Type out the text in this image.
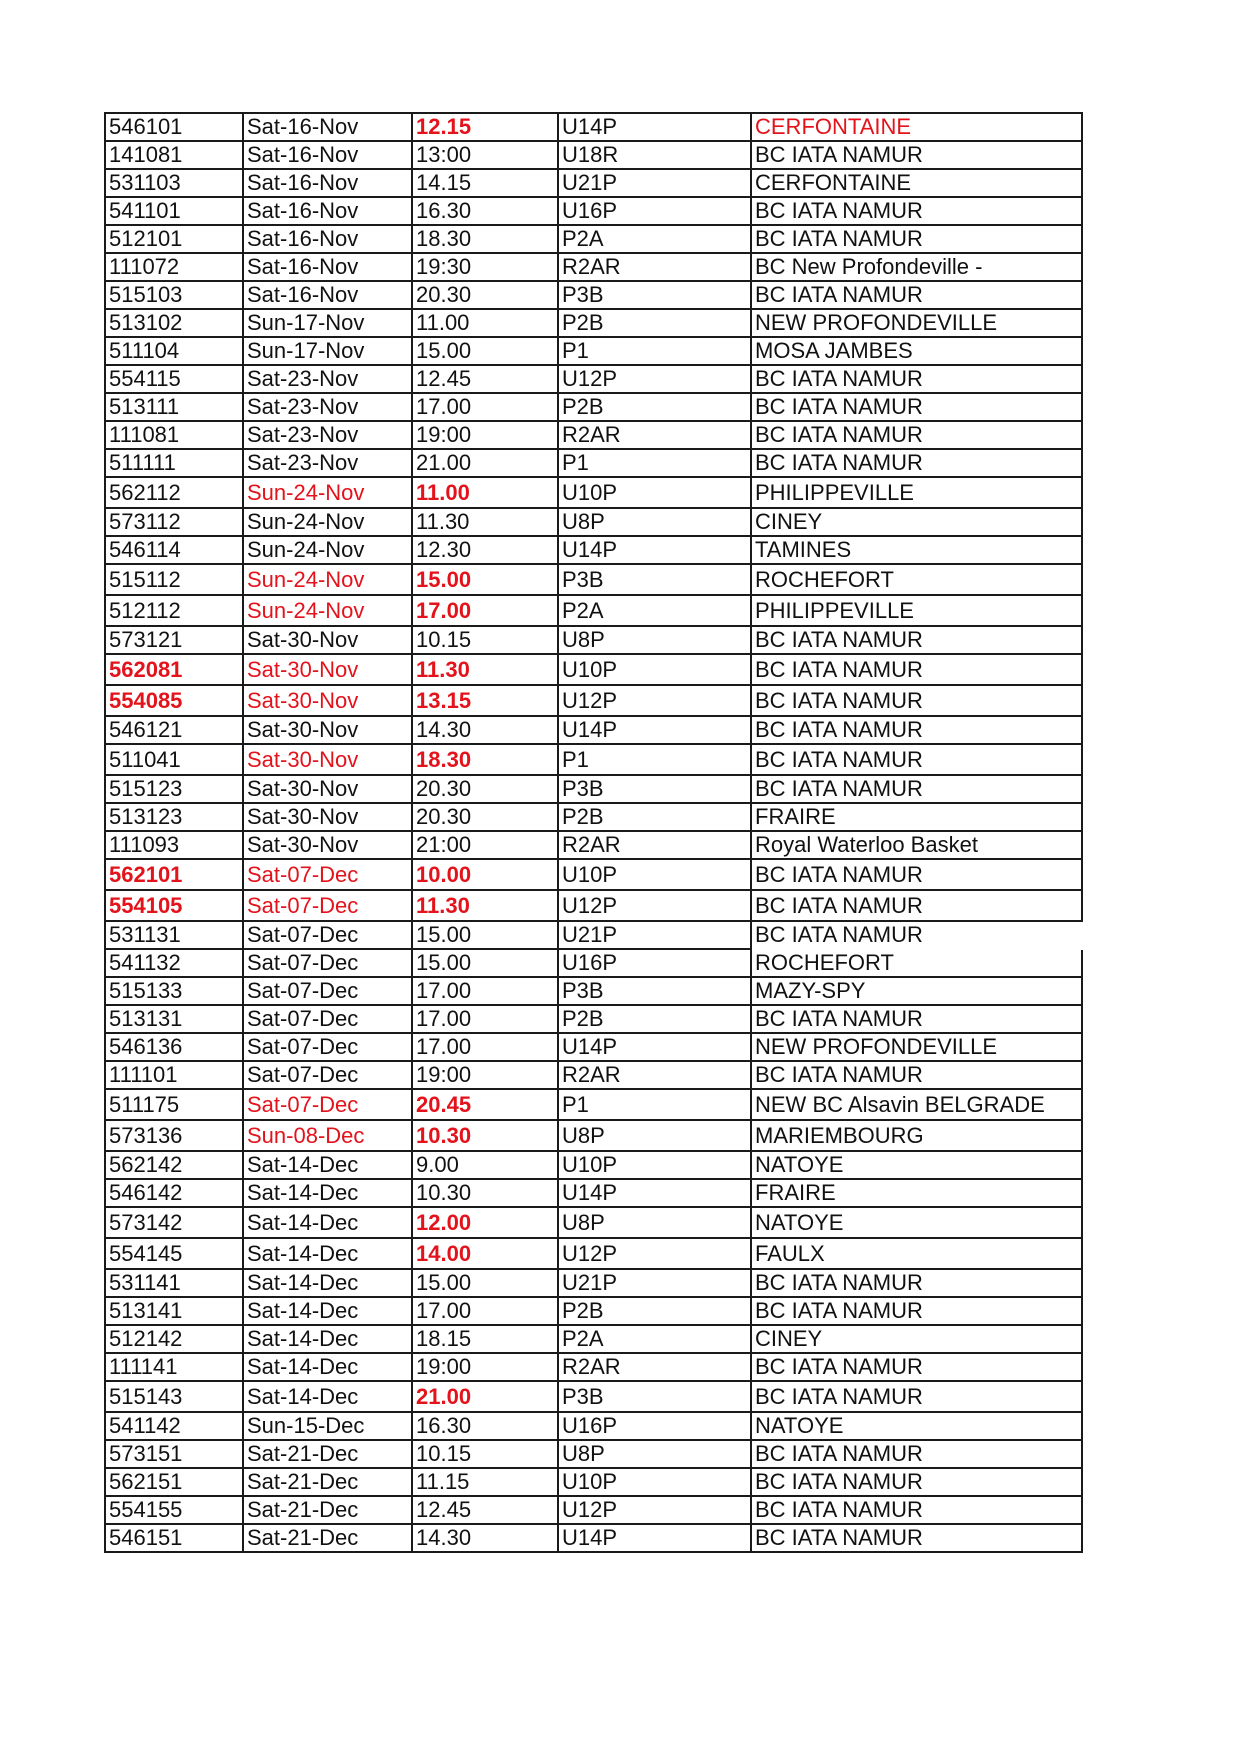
546101	Sat-16-Nov	12.15	U14P	CERFONTAINE
141081	Sat-16-Nov	13:00	U18R	BC IATA NAMUR
531103	Sat-16-Nov	14.15	U21P	CERFONTAINE
541101	Sat-16-Nov	16.30	U16P	BC IATA NAMUR
512101	Sat-16-Nov	18.30	P2A	BC IATA NAMUR
111072	Sat-16-Nov	19:30	R2AR	BC New Profondeville -
515103	Sat-16-Nov	20.30	P3B	BC IATA NAMUR
513102	Sun-17-Nov	11.00	P2B	NEW PROFONDEVILLE
511104	Sun-17-Nov	15.00	P1	MOSA JAMBES
554115	Sat-23-Nov	12.45	U12P	BC IATA NAMUR
513111	Sat-23-Nov	17.00	P2B	BC IATA NAMUR
111081	Sat-23-Nov	19:00	R2AR	BC IATA NAMUR
511111	Sat-23-Nov	21.00	P1	BC IATA NAMUR
562112	Sun-24-Nov	11.00	U10P	PHILIPPEVILLE
573112	Sun-24-Nov	11.30	U8P	CINEY
546114	Sun-24-Nov	12.30	U14P	TAMINES
515112	Sun-24-Nov	15.00	P3B	ROCHEFORT
512112	Sun-24-Nov	17.00	P2A	PHILIPPEVILLE
573121	Sat-30-Nov	10.15	U8P	BC IATA NAMUR
562081	Sat-30-Nov	11.30	U10P	BC IATA NAMUR
554085	Sat-30-Nov	13.15	U12P	BC IATA NAMUR
546121	Sat-30-Nov	14.30	U14P	BC IATA NAMUR
511041	Sat-30-Nov	18.30	P1	BC IATA NAMUR
515123	Sat-30-Nov	20.30	P3B	BC IATA NAMUR
513123	Sat-30-Nov	20.30	P2B	FRAIRE
111093	Sat-30-Nov	21:00	R2AR	Royal Waterloo Basket
562101	Sat-07-Dec	10.00	U10P	BC IATA NAMUR
554105	Sat-07-Dec	11.30	U12P	BC IATA NAMUR
531131	Sat-07-Dec	15.00	U21P	BC IATA NAMUR
541132	Sat-07-Dec	15.00	U16P	ROCHEFORT
515133	Sat-07-Dec	17.00	P3B	MAZY-SPY
513131	Sat-07-Dec	17.00	P2B	BC IATA NAMUR
546136	Sat-07-Dec	17.00	U14P	NEW PROFONDEVILLE
111101	Sat-07-Dec	19:00	R2AR	BC IATA NAMUR
511175	Sat-07-Dec	20.45	P1	NEW BC Alsavin BELGRADE
573136	Sun-08-Dec	10.30	U8P	MARIEMBOURG
562142	Sat-14-Dec	9.00	U10P	NATOYE
546142	Sat-14-Dec	10.30	U14P	FRAIRE
573142	Sat-14-Dec	12.00	U8P	NATOYE
554145	Sat-14-Dec	14.00	U12P	FAULX
531141	Sat-14-Dec	15.00	U21P	BC IATA NAMUR
513141	Sat-14-Dec	17.00	P2B	BC IATA NAMUR
512142	Sat-14-Dec	18.15	P2A	CINEY
111141	Sat-14-Dec	19:00	R2AR	BC IATA NAMUR
515143	Sat-14-Dec	21.00	P3B	BC IATA NAMUR
541142	Sun-15-Dec	16.30	U16P	NATOYE
573151	Sat-21-Dec	10.15	U8P	BC IATA NAMUR
562151	Sat-21-Dec	11.15	U10P	BC IATA NAMUR
554155	Sat-21-Dec	12.45	U12P	BC IATA NAMUR
546151	Sat-21-Dec	14.30	U14P	BC IATA NAMUR
